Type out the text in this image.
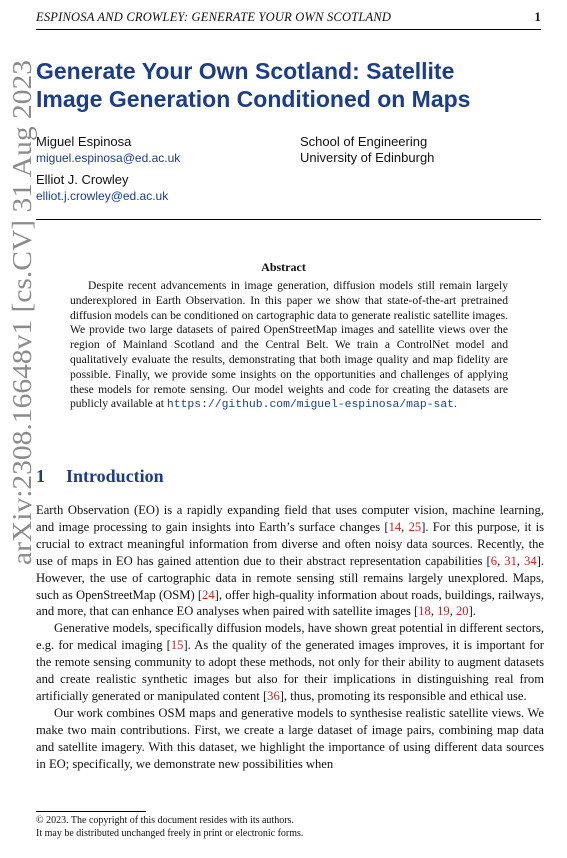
ESPINOSA AND CROWLEY: GENERATE YOUR OWN SCOTLAND	1
Generate Your Own Scotland: Satellite
Image Generation Conditioned on Maps
Miguel Espinosa
miguel.espinosa@ed.ac.uk
Elliot J. Crowley
elliot.j.crowley@ed.ac.uk
School of Engineering
University of Edinburgh
Abstract
Despite recent advancements in image generation, diffusion models still remain largely underexplored in Earth Observation. In this paper we show that state-of-the-art pretrained diffusion models can be conditioned on cartographic data to generate realistic satellite images. We provide two large datasets of paired OpenStreetMap images and satellite views over the region of Mainland Scotland and the Central Belt. We train a ControlNet model and qualitatively evaluate the results, demonstrating that both image quality and map fidelity are possible. Finally, we provide some insights on the opportunities and challenges of applying these models for remote sensing. Our model weights and code for creating the datasets are publicly available at https://github.com/miguel-espinosa/map-sat.
1 Introduction

Earth Observation (EO) is a rapidly expanding field that uses computer vision, machine learning, and image processing to gain insights into Earth’s surface changes [14, 25]. For this purpose, it is crucial to extract meaningful information from diverse and often noisy data sources. Recently, the use of maps in EO has gained attention due to their abstract representation capabilities [6, 31, 34]. However, the use of cartographic data in remote sensing still remains largely unexplored. Maps, such as OpenStreetMap (OSM) [24], offer high-quality information about roads, buildings, railways, and more, that can enhance EO analyses when paired with satellite images [18, 19, 20].

Generative models, specifically diffusion models, have shown great potential in different sectors, e.g. for medical imaging [15]. As the quality of the generated images improves, it is important for the remote sensing community to adopt these methods, not only for their ability to augment datasets and create realistic synthetic images but also for their implications in distinguishing real from artificially generated or manipulated content [36], thus, promoting its responsible and ethical use.

Our work combines OSM maps and generative models to synthesise realistic satellite views. We make two main contributions. First, we create a large dataset of image pairs, combining map data and satellite imagery. With this dataset, we highlight the importance of using different data sources in EO; specifically, we demonstrate new possibilities when

© 2023. The copyright of this document resides with its authors.
It may be distributed unchanged freely in print or electronic forms.
arXiv:2308.16648v1 [cs.CV] 31 Aug 2023
